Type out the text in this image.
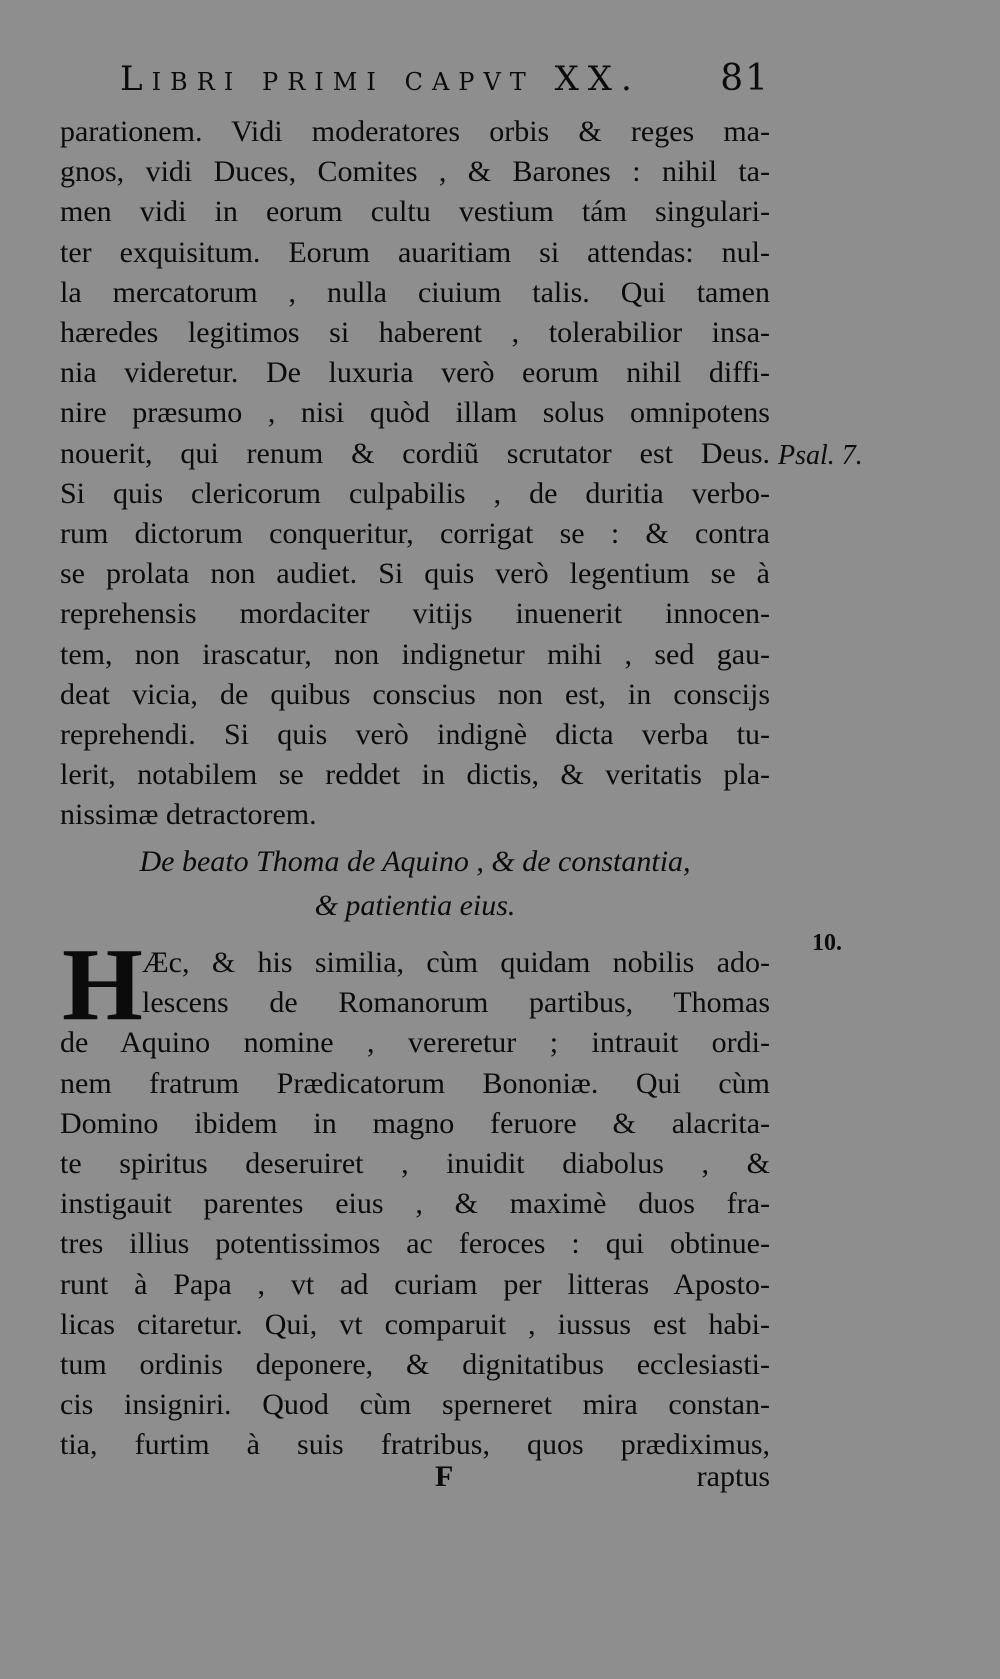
Libri primi capvt XX. 81
parationem. Vidi moderatores orbis & reges ma-
gnos, vidi Duces, Comites , & Barones : nihil ta-
men vidi in eorum cultu vestium tám singulari-
ter exquisitum. Eorum auaritiam si attendas: nul-
la mercatorum , nulla ciuium talis. Qui tamen
hæredes legitimos si haberent , tolerabilior insa-
nia videretur. De luxuria verò eorum nihil diffi-
nire præsumo , nisi quòd illam solus omnipotens
nouerit, qui renum & cordiũ scrutator est Deus.
Si quis clericorum culpabilis , de duritia verbo-
rum dictorum conqueritur, corrigat se : & contra
se prolata non audiet. Si quis verò legentium se à
reprehensis mordaciter vitijs inuenerit innocen-
tem, non irascatur, non indignetur mihi , sed gau-
deat vicia, de quibus conscius non est, in conscijs
reprehendi. Si quis verò indignè dicta verba tu-
lerit, notabilem se reddet in dictis, & veritatis pla-
nissimæ detractorem.
Psal. 7.
De beato Thoma de Aquino , & de constantia,
& patientia eius.
H	10.
Æc, & his similia, cùm quidam nobilis ado-
lescens de Romanorum partibus, Thomas
de Aquino nomine , vereretur ; intrauit ordi-
nem fratrum Prædicatorum Bononiæ. Qui cùm
Domino ibidem in magno feruore & alacrita-
te spiritus deseruiret , inuidit diabolus , &
instigauit parentes eius , & maximè duos fra-
tres illius potentissimos ac feroces : qui obtinue-
runt à Papa , vt ad curiam per litteras Aposto-
licas citaretur. Qui, vt comparuit , iussus est habi-
tum ordinis deponere, & dignitatibus ecclesiasti-
cis insigniri. Quod cùm sperneret mira constan-
tia, furtim à suis fratribus, quos prædiximus,
F	raptus
